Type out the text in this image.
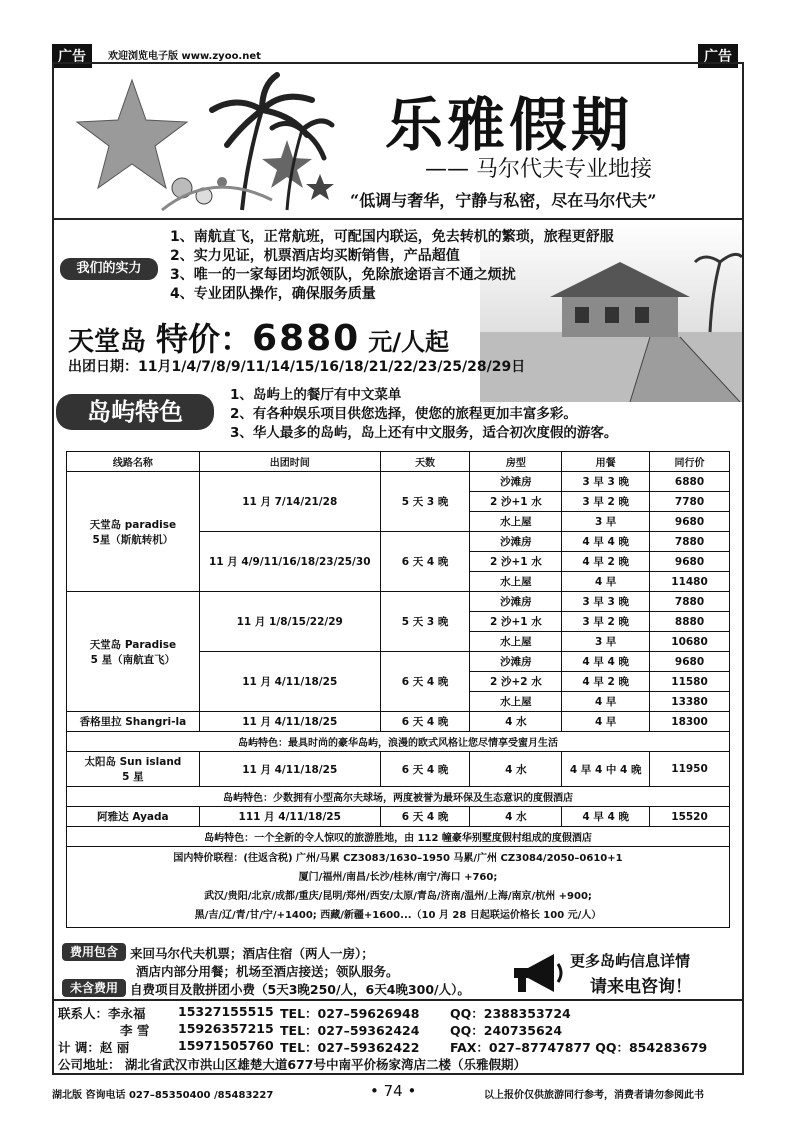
广告	欢迎浏览电子版 www.zyoo.net	广告
乐雅假期
—— 马尔代夫专业地接
“低调与奢华，宁静与私密，尽在马尔代夫”
我们的实力
1、南航直飞，正常航班，可配国内联运，免去转机的繁琐，旅程更舒服
2、实力见证，机票酒店均买断销售，产品超值
3、唯一的一家每团均派领队，免除旅途语言不通之烦扰
4、专业团队操作，确保服务质量
天堂岛 特价： 6880 元/人起
出团日期：11月1/4/7/8/9/11/14/15/16/18/21/22/23/25/28/29日
岛屿特色
1、岛屿上的餐厅有中文菜单
2、有各种娱乐项目供您选择，使您的旅程更加丰富多彩。
3、华人最多的岛屿，岛上还有中文服务，适合初次度假的游客。
线路名称	出团时间	天数	房型	用餐	同行价
天堂岛 paradise
5星（斯航转机）	11 月 7/14/21/28	5 天 3 晚	沙滩房	3 早 3 晚	6880
			2 沙+1 水	3 早 2 晚	7780
			水上屋	3 早	9680
	11 月 4/9/11/16/18/23/25/30	6 天 4 晚	沙滩房	4 早 4 晚	7880
			2 沙+1 水	4 早 2 晚	9680
			水上屋	4 早	11480
天堂岛 Paradise
5 星（南航直飞）	11 月 1/8/15/22/29	5 天 3 晚	沙滩房	3 早 3 晚	7880
			2 沙+1 水	3 早 2 晚	8880
			水上屋	3 早	10680
	11 月 4/11/18/25	6 天 4 晚	沙滩房	4 早 4 晚	9680
			2 沙+2 水	4 早 2 晚	11580
			水上屋	4 早	13380
香格里拉 Shangri-la	11 月 4/11/18/25	6 天 4 晚	4 水	4 早	18300
岛屿特色：最具时尚的豪华岛屿，浪漫的欧式风格让您尽情享受蜜月生活					
太阳岛 Sun island
5 星	11 月 4/11/18/25	6 天 4 晚	4 水	4 早 4 中 4 晚	11950
岛屿特色：少数拥有小型高尔夫球场，两度被誉为最环保及生态意识的度假酒店					
阿雅达 Ayada	111 月 4/11/18/25	6 天 4 晚	4 水	4 早 4 晚	15520
岛屿特色：一个全新的令人惊叹的旅游胜地，由 112 幢豪华别墅度假村组成的度假酒店					

国内特价联程：(往返含税) 广州/马累 CZ3083/1630–1950 马累/广州 CZ3084/2050–0610+1
厦门/福州/南昌/长沙/桂林/南宁/海口 +760;
武汉/贵阳/北京/成都/重庆/昆明/郑州/西安/太原/青岛/济南/温州/上海/南京/杭州 +900;
黑/吉/辽/青/甘/宁/+1400; 西藏/新疆+1600...（10 月 28 日起联运价格长 100 元/人）					
费用包含 来回马尔代夫机票；酒店住宿（两人一房）；
酒店内部分用餐；机场至酒店接送；领队服务。
未含费用 自费项目及散拼团小费（5天3晚250/人，6天4晚300/人）。
更多岛屿信息详情
请来电咨询！
联系人：李永福	15327155515 TEL：027–59626948	QQ：2388353724
李 雪	15926357215 TEL：027–59362424	QQ：240735624
计 调：赵 丽	15971505760 TEL：027–59362422	FAX：027–87747877 QQ：854283679
公司地址： 湖北省武汉市洪山区雄楚大道677号中南平价杨家湾店二楼（乐雅假期）
湖北版 咨询电话 027–85350400 /85483227	• 74 •	以上报价仅供旅游同行参考，消费者请勿参阅此书
